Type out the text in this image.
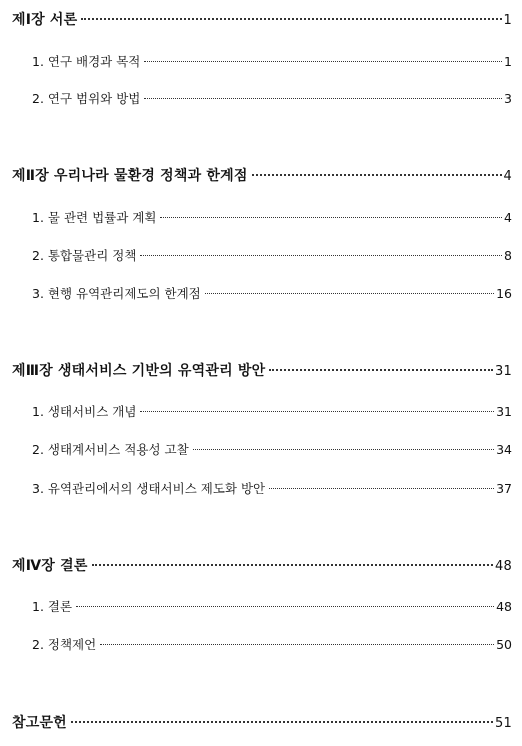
제Ⅰ장 서론	1
1. 연구 배경과 목적	1
2. 연구 범위와 방법	3
제Ⅱ장 우리나라 물환경 정책과 한계점	4
1. 물 관련 법률과 계획	4
2. 통합물관리 정책	8
3. 현행 유역관리제도의 한계점	16
제Ⅲ장 생태서비스 기반의 유역관리 방안	31
1. 생태서비스 개념	31
2. 생태계서비스 적용성 고찰	34
3. 유역관리에서의 생태서비스 제도화 방안	37
제Ⅳ장 결론	48
1. 결론	48
2. 정책제언	50
참고문헌	51
